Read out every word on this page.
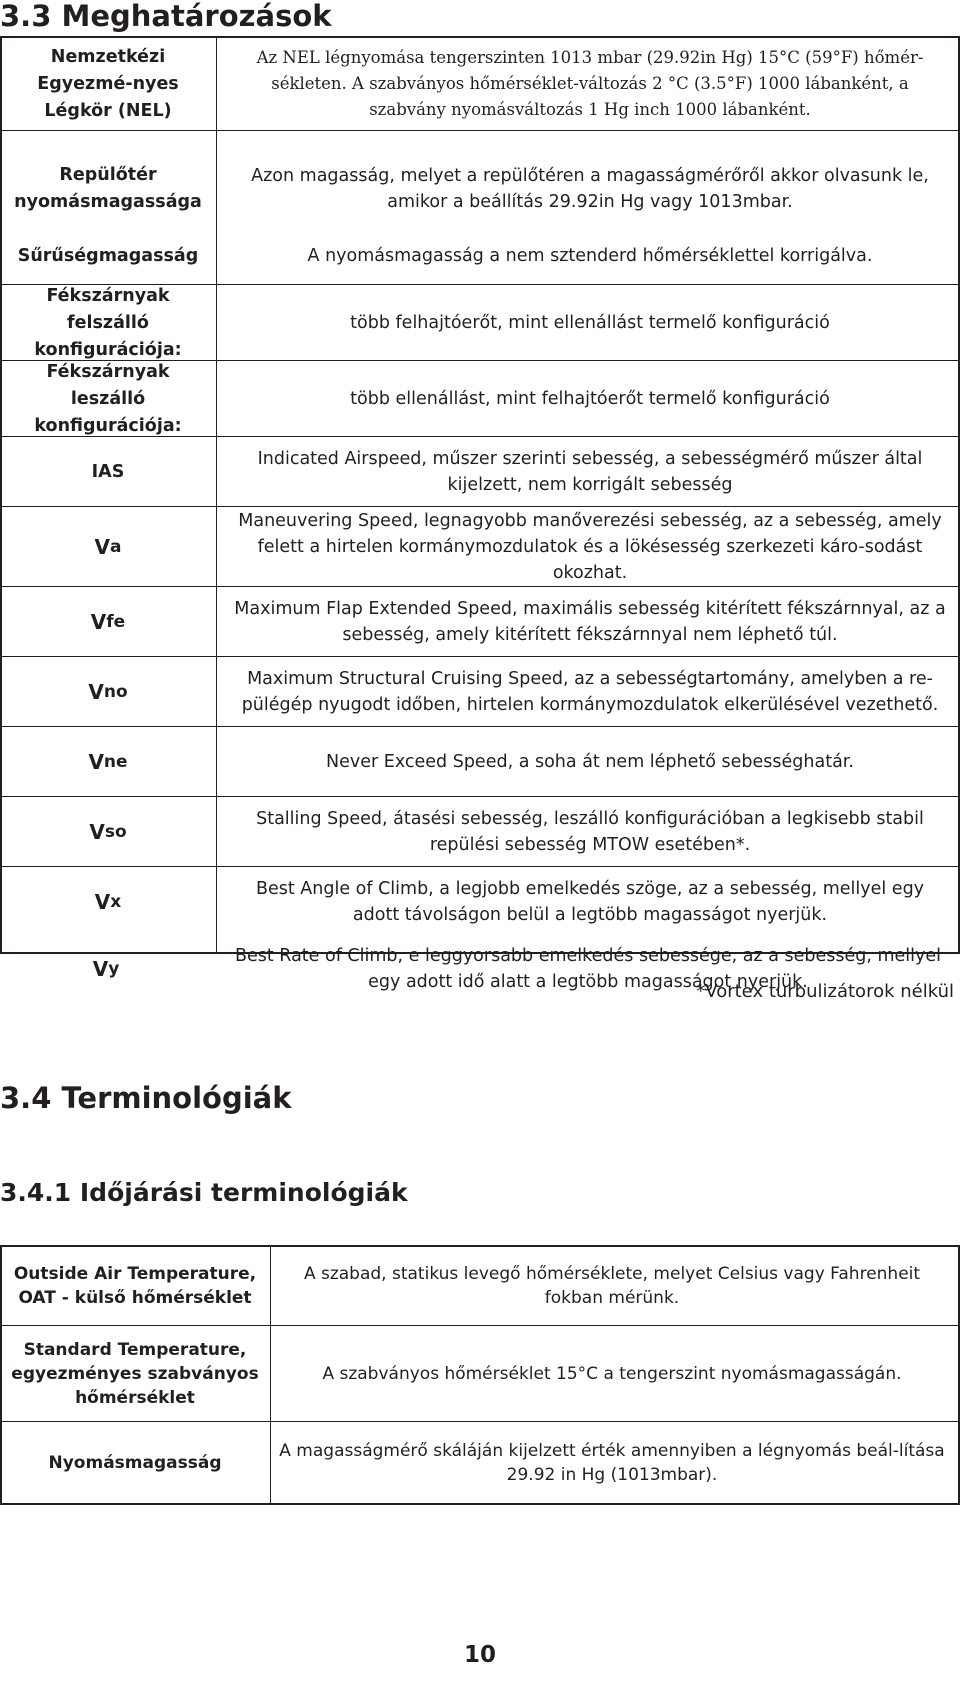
3.3 Meghatározások
Nemzetkézi Egyezmé-nyes Légkör (NEL)
Az NEL légnyomása tengerszinten 1013 mbar (29.92in Hg) 15°C (59°F) hőmér-sékleten. A szabványos hőmérséklet-változás 2 °C (3.5°F) 1000 lábanként, a szabvány nyomásváltozás 1 Hg inch 1000 lábanként.
Repülőtér nyomásmagassága
Azon magasság, melyet a repülőtéren a magasságmérőről akkor olvasunk le, amikor a beállítás 29.92in Hg vagy 1013mbar.
Sűrűségmagasság	A nyomásmagasság a nem sztenderd hőmérséklettel korrigálva.
Fékszárnyak felszálló konfigurációja:
több felhajtóerőt, mint ellenállást termelő konfiguráció
Fékszárnyak leszálló konfigurációja:
több ellenállást, mint felhajtóerőt termelő konfiguráció
IAS
Indicated Airspeed, műszer szerinti sebesség, a sebességmérő műszer által kijelzett, nem korrigált sebesség
V a
Maneuvering Speed, legnagyobb manőverezési sebesség, az a sebesség, amely felett a hirtelen kormánymozdulatok és a lökésesség szerkezeti káro-sodást okozhat.
V fe
Maximum Flap Extended Speed, maximális sebesség kitérített fékszárnnyal, az a sebesség, amely kitérített fékszárnnyal nem léphető túl.
V no
Maximum Structural Cruising Speed, az a sebességtartomány, amelyben a re-pülégép nyugodt időben, hirtelen kormánymozdulatok elkerülésével vezethető.
V ne	Never Exceed Speed, a soha át nem léphető sebességhatár.
V so
Stalling Speed, átasési sebesség, leszálló konfigurációban a legkisebb stabil repülési sebesség MTOW esetében*.
V x
Best Angle of Climb, a legjobb emelkedés szöge, az a sebesség, mellyel egy adott távolságon belül a legtöbb magasságot nyerjük.
*Vortex turbulizátorok nélkül
3.4 Terminológiák
3.4.1 Időjárási terminológiák
Outside Air Temperature, OAT - külső hőmérséklet
A szabad, statikus levegő hőmérséklete, melyet Celsius vagy Fahrenheit fokban mérünk.
Standard Temperature, egyezményes szabványos hőmérséklet
A szabványos hőmérséklet 15°C a tengerszint nyomásmagasságán.
Nyomásmagasság
A magasságmérő skáláján kijelzett érték amennyiben a légnyomás beál-lítása 29.92 in Hg (1013mbar).
10
V y
Best Rate of Climb, e leggyorsabb emelkedés sebessége, az a sebesség, mellyel egy adott idő alatt a legtöbb magasságot nyerjük.
